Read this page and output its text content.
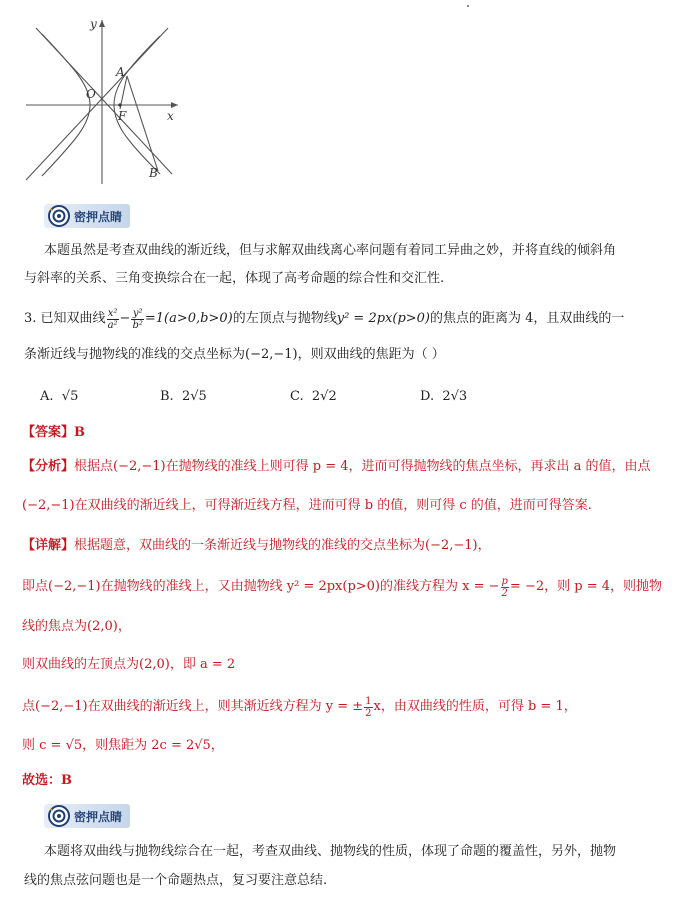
y
O
A
F	x
B
密押点睛
本题虽然是考查双曲线的渐近线，但与求解双曲线离心率问题有着同工异曲之妙，并将直线的倾斜角
与斜率的关系、三角变换综合在一起，体现了高考命题的综合性和交汇性.
3.
已知双曲线 $\frac{\text{x²}}{\text{a²}} - \frac{\text{y²}}{\text{b²}} =1(a>0,b>0)$ 的左顶点与抛物线 y² = 2px(p>0) 的焦点的距离为 4，且双曲线的一
条渐近线与抛物线的准线的交点坐标为(−2,−1)，则双曲线的焦距为（ ）
A. √5	B. 2√5	C. 2√2	D. 2√3
【答案】B
【分析】根据点(−2,−1)在抛物线的准线上则可得 p = 4，进而可得抛物线的焦点坐标，再求出 a 的值，由点
(−2,−1)在双曲线的渐近线上，可得渐近线方程，进而可得 b 的值，则可得 c 的值，进而可得答案.
【详解】根据题意，双曲线的一条渐近线与抛物线的准线的交点坐标为(−2,−1)，
即点(−2,−1)在抛物线的准线上，又由抛物线 y² = 2px(p>0)的准线方程为 x = − $\frac{p}{2} = -2$，则 p = 4，则抛物
线的焦点为(2,0)，
则双曲线的左顶点为(2,0)，即 a = 2
点(−2,−1)在双曲线的渐近线上，则其渐近线方程为 y = ± $\frac{1}{2}$ x，由双曲线的性质，可得 b = 1，
则 c = √5，则焦距为 2c = 2√5，
故选：B
密押点睛
本题将双曲线与抛物线综合在一起，考查双曲线、抛物线的性质，体现了命题的覆盖性，另外，抛物
线的焦点弦问题也是一个命题热点，复习要注意总结.
